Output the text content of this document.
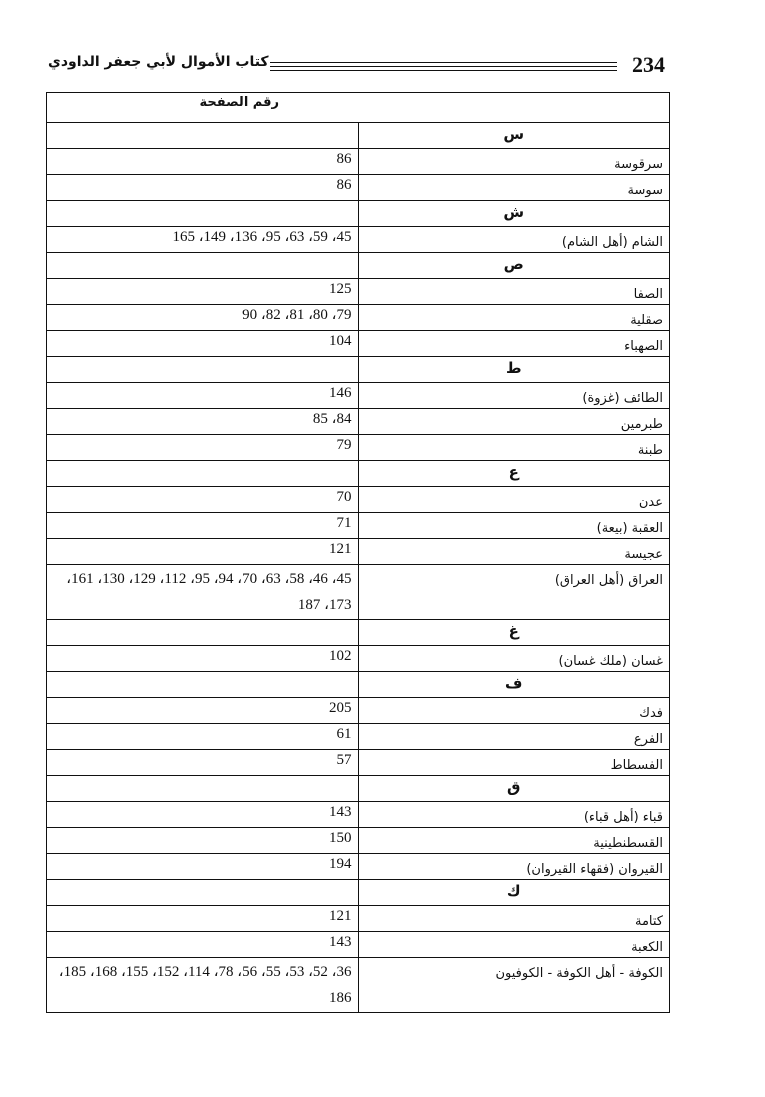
234
كتاب الأموال لأبي جعفر الداودي
رقم الصفحة	
س	
سرقوسة	86
سوسة	86
ش	
الشام (أهل الشام)	45، 59، 63، 95، 136، 149، 165
ص	
الصفا	125
صقلية	79، 80، 81، 82، 90
الصهباء	104
ط	
الطائف (غزوة)	146
طبرمين	84، 85
طبنة	79
ع	
عدن	70
العقبة (بيعة)	71
عجيسة	121
العراق (أهل العراق)	45، 46، 58، 63، 70، 94، 95، 112، 129، 130، 161، 173، 187
غ	
غسان (ملك غسان)	102
ف	
فدك	205
الفرع	61
الفسطاط	57
ق	
قباء (أهل قباء)	143
القسطنطينية	150
القيروان (فقهاء القيروان)	194
ك	
كتامة	121
الكعبة	143
الكوفة - أهل الكوفة - الكوفيون	36، 52، 53، 55، 56، 78، 114، 152، 155، 168، 185، 186
